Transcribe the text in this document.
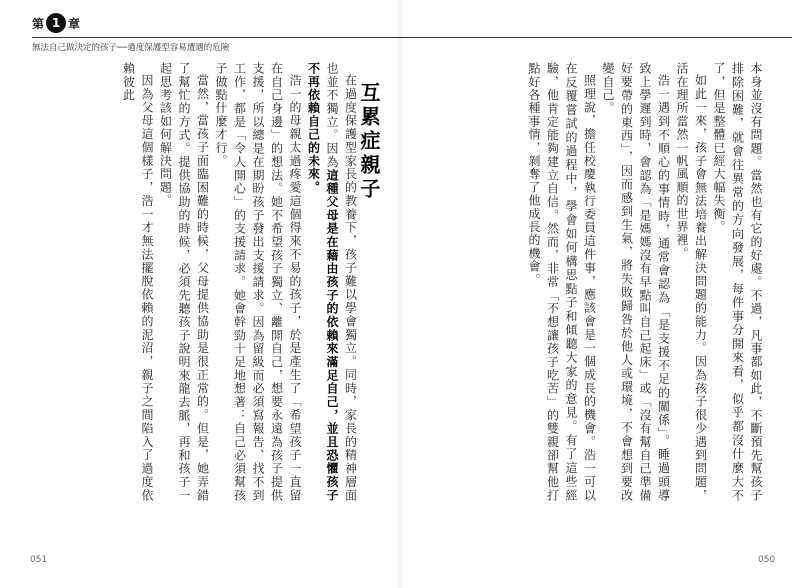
第 1 章
無法自己做決定的孩子──過度保護型容易遭遇的危險

本身並沒有問題。當然也有它的好處。不過，凡事都如此，不斷預先幫孩子排除困難，就會往異常的方向發展，每件事分開來看，似乎都沒什麼大不了，但是整體已經大幅失衡。

如此一來，孩子會無法培養出解決問題的能力。因為孩子很少遇到問題，活在理所當然一帆風順的世界裡。

浩一遇到不順心的事情時，通常會認為「是支援不足的關係」。睡過頭導致上學遲到時，會認為「是媽媽沒有早點叫自己起床」或「沒有幫自己準備好要帶的東西」，因而感到生氣，將失敗歸咎於他人或環境，不會想到要改變自己。

照理說，擔任校慶執行委員這件事，應該會是一個成長的機會。浩一可以在反覆嘗試的過程中，學會如何構思點子和傾聽大家的意見。有了這些經驗，他肯定能夠建立自信。然而，非常「不想讓孩子吃苦」的雙親卻幫他打點好各種事情，剝奪了他成長的機會。

050

互累症親子

在過度保護型家長的教養下，孩子難以學會獨立。同時，家長的精神層面也並不獨立。因為這種父母是在藉由孩子的依賴來滿足自己，並且恐懼孩子不再依賴自己的未來。

浩一的母親太過疼愛這個得來不易的孩子，於是產生了「希望孩子一直留在自己身邊」的想法。她不希望孩子獨立、離開自己，想要永遠為孩子提供支援，所以總是在期盼孩子發出支援請求。因為留級而必須寫報告、找不到工作，都是「令人開心」的支援請求。她會幹勁十足地想著：自己必須幫孩子做點什麼才行。

當然，當孩子面臨困難的時候，父母提供協助是很正常的。但是，她弄錯了幫忙的方式。提供協助的時候，必須先聽孩子說明來龍去脈，再和孩子一起思考該如何解決問題。

因為父母這個樣子，浩一才無法擺脫依賴的泥沼，親子之間陷入了過度依賴彼此

051
